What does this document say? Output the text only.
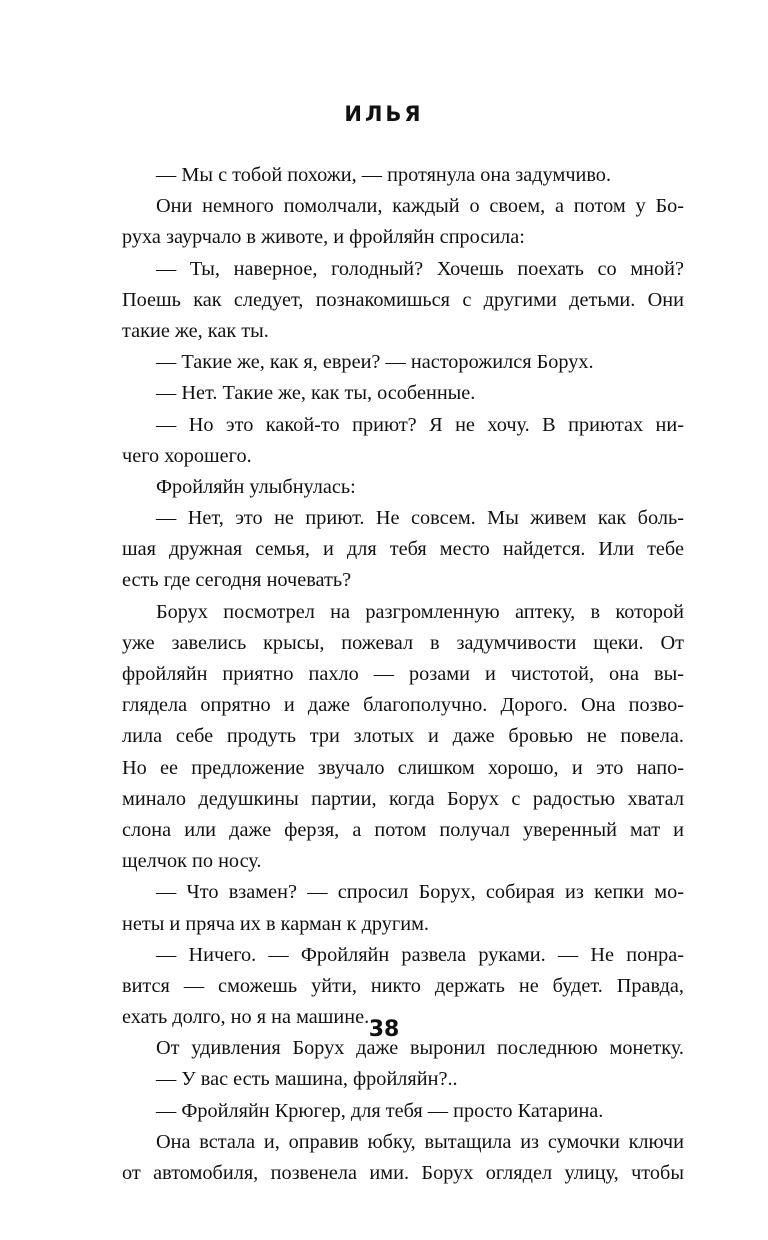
ИЛЬЯ
— Мы с тобой похожи, — протянула она задумчиво.
Они немного помолчали, каждый о своем, а потом у Бо-
руха заурчало в животе, и фройляйн спросила:
— Ты, наверное, голодный? Хочешь поехать со мной?
Поешь как следует, познакомишься с другими детьми. Они
такие же, как ты.
— Такие же, как я, евреи? — насторожился Борух.
— Нет. Такие же, как ты, особенные.
— Но это какой-то приют? Я не хочу. В приютах ни-
чего хорошего.
Фройляйн улыбнулась:
— Нет, это не приют. Не совсем. Мы живем как боль-
шая дружная семья, и для тебя место найдется. Или тебе
есть где сегодня ночевать?
Борух посмотрел на разгромленную аптеку, в которой
уже завелись крысы, пожевал в задумчивости щеки. От
фройляйн приятно пахло — розами и чистотой, она вы-
глядела опрятно и даже благополучно. Дорого. Она позво-
лила себе продуть три злотых и даже бровью не повела.
Но ее предложение звучало слишком хорошо, и это напо-
минало дедушкины партии, когда Борух с радостью хватал
слона или даже ферзя, а потом получал уверенный мат и
щелчок по носу.
— Что взамен? — спросил Борух, собирая из кепки мо-
неты и пряча их в карман к другим.
— Ничего. — Фройляйн развела руками. — Не понра-
вится — сможешь уйти, никто держать не будет. Правда,
ехать долго, но я на машине.
От удивления Борух даже выронил последнюю монетку.
— У вас есть машина, фройляйн?..
— Фройляйн Крюгер, для тебя — просто Катарина.
Она встала и, оправив юбку, вытащила из сумочки ключи
от автомобиля, позвенела ими. Борух оглядел улицу, чтобы
38
